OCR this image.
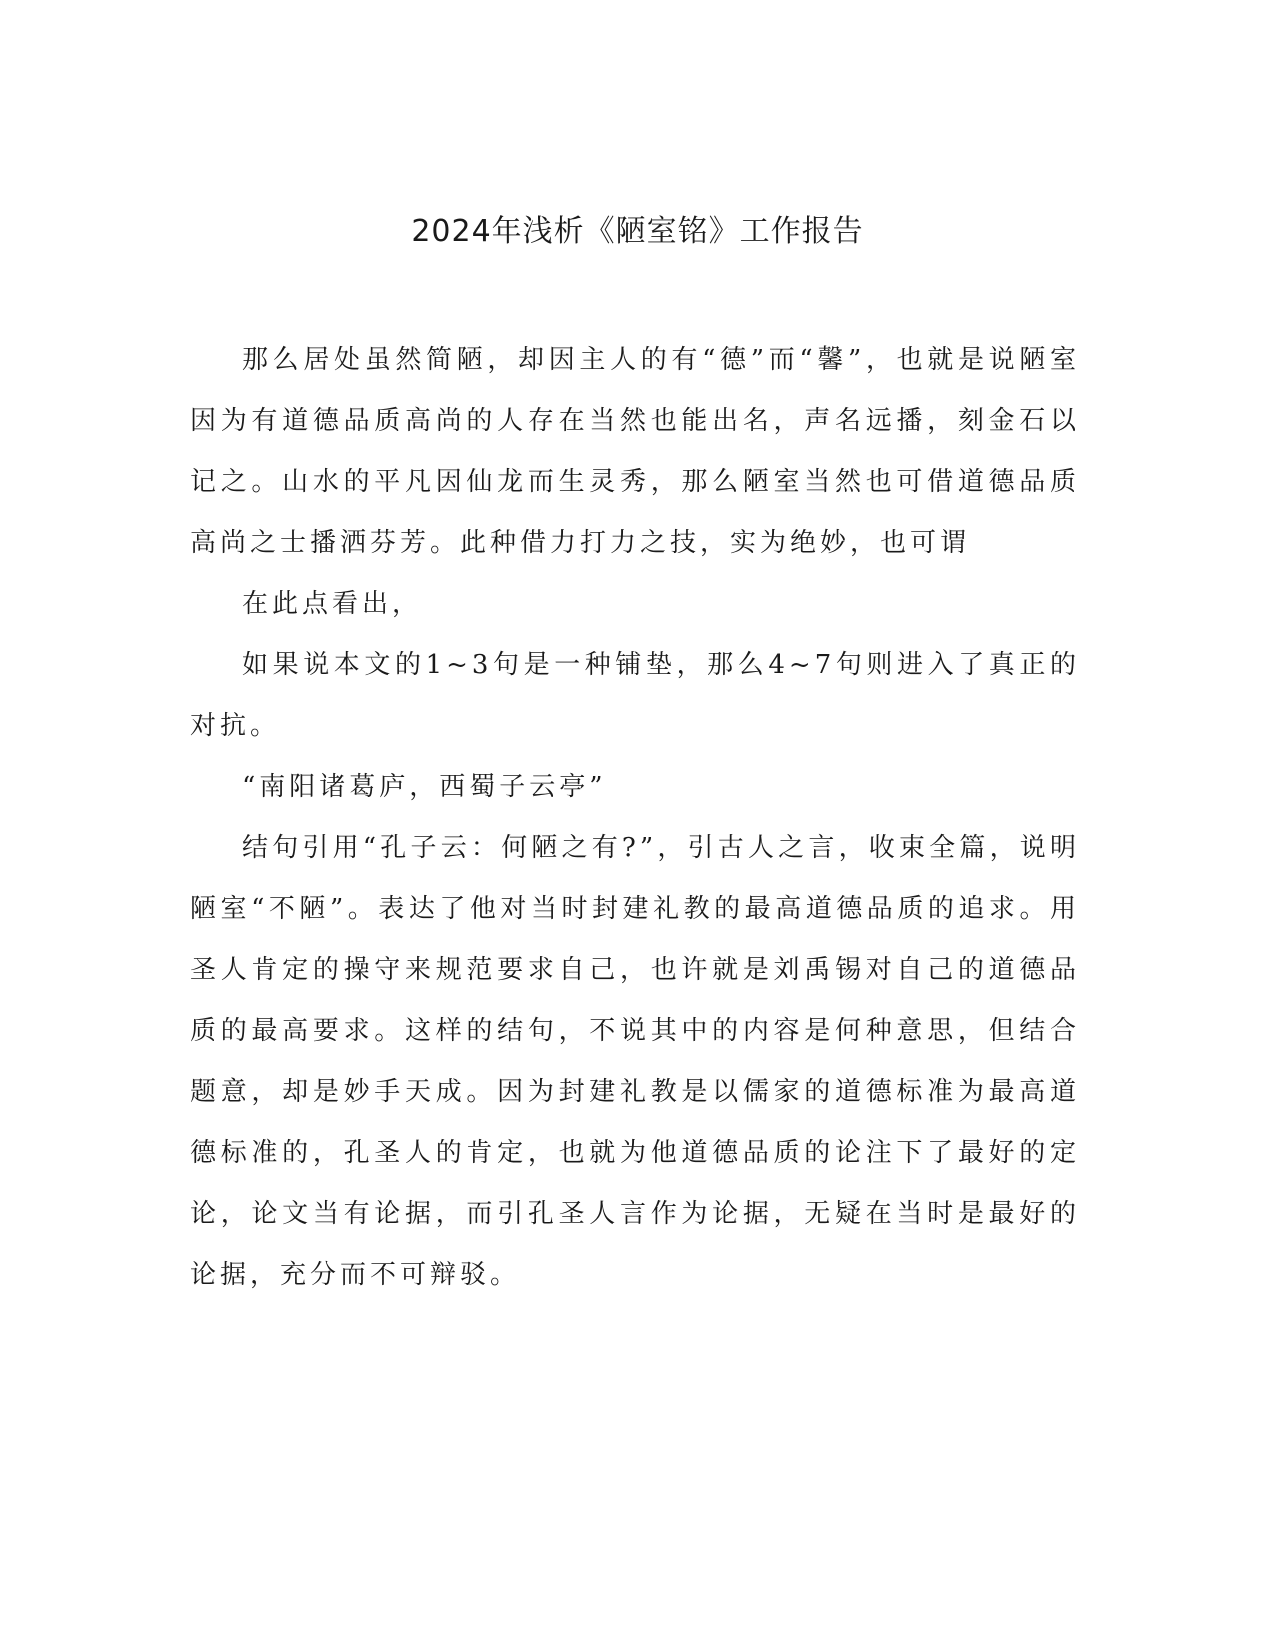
2024年浅析《陋室铭》工作报告

那么居处虽然简陋，却因主人的有“德”而“馨”，也就是说陋室因为有道德品质高尚的人存在当然也能出名，声名远播，刻金石以记之。山水的平凡因仙龙而生灵秀，那么陋室当然也可借道德品质高尚之士播洒芬芳。此种借力打力之技，实为绝妙，也可谓

在此点看出，

如果说本文的1~3句是一种铺垫，那么4~7句则进入了真正的对抗。

“南阳诸葛庐，西蜀子云亭”

结句引用“孔子云：何陋之有?”，引古人之言，收束全篇，说明陋室“不陋”。表达了他对当时封建礼教的最高道德品质的追求。用圣人肯定的操守来规范要求自己，也许就是刘禹锡对自己的道德品质的最高要求。这样的结句，不说其中的内容是何种意思，但结合题意，却是妙手天成。因为封建礼教是以儒家的道德标准为最高道德标准的，孔圣人的肯定，也就为他道德品质的论注下了最好的定论，论文当有论据，而引孔圣人言作为论据，无疑在当时是最好的论据，充分而不可辩驳。
